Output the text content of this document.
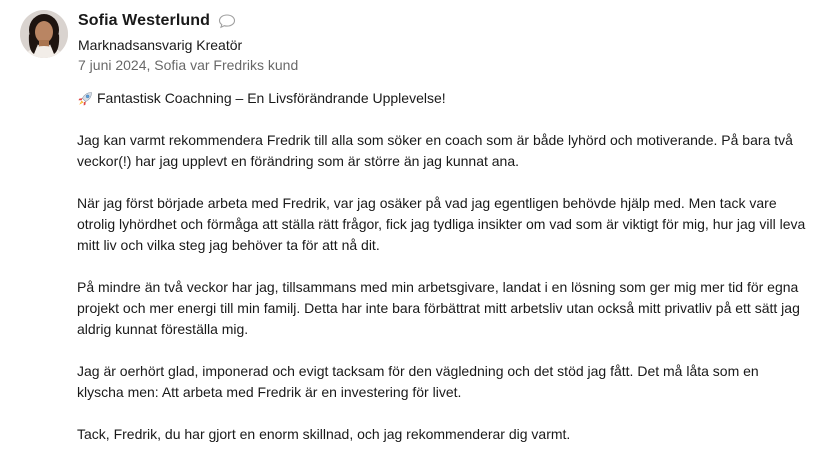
Sofia Westerlund
Marknadsansvarig Kreatör
7 juni 2024, Sofia var Fredriks kund
Fantastisk Coachning – En Livsförändrande Upplevelse!

Jag kan varmt rekommendera Fredrik till alla som söker en coach som är både lyhörd och motiverande. På bara två veckor(!) har jag upplevt en förändring som är större än jag kunnat ana.

När jag först började arbeta med Fredrik, var jag osäker på vad jag egentligen behövde hjälp med. Men tack vare otrolig lyhördhet och förmåga att ställa rätt frågor, fick jag tydliga insikter om vad som är viktigt för mig, hur jag vill leva mitt liv och vilka steg jag behöver ta för att nå dit.

På mindre än två veckor har jag, tillsammans med min arbetsgivare, landat i en lösning som ger mig mer tid för egna projekt och mer energi till min familj. Detta har inte bara förbättrat mitt arbetsliv utan också mitt privatliv på ett sätt jag aldrig kunnat föreställa mig.

Jag är oerhört glad, imponerad och evigt tacksam för den vägledning och det stöd jag fått. Det må låta som en klyscha men: Att arbeta med Fredrik är en investering för livet.

Tack, Fredrik, du har gjort en enorm skillnad, och jag rekommenderar dig varmt.
